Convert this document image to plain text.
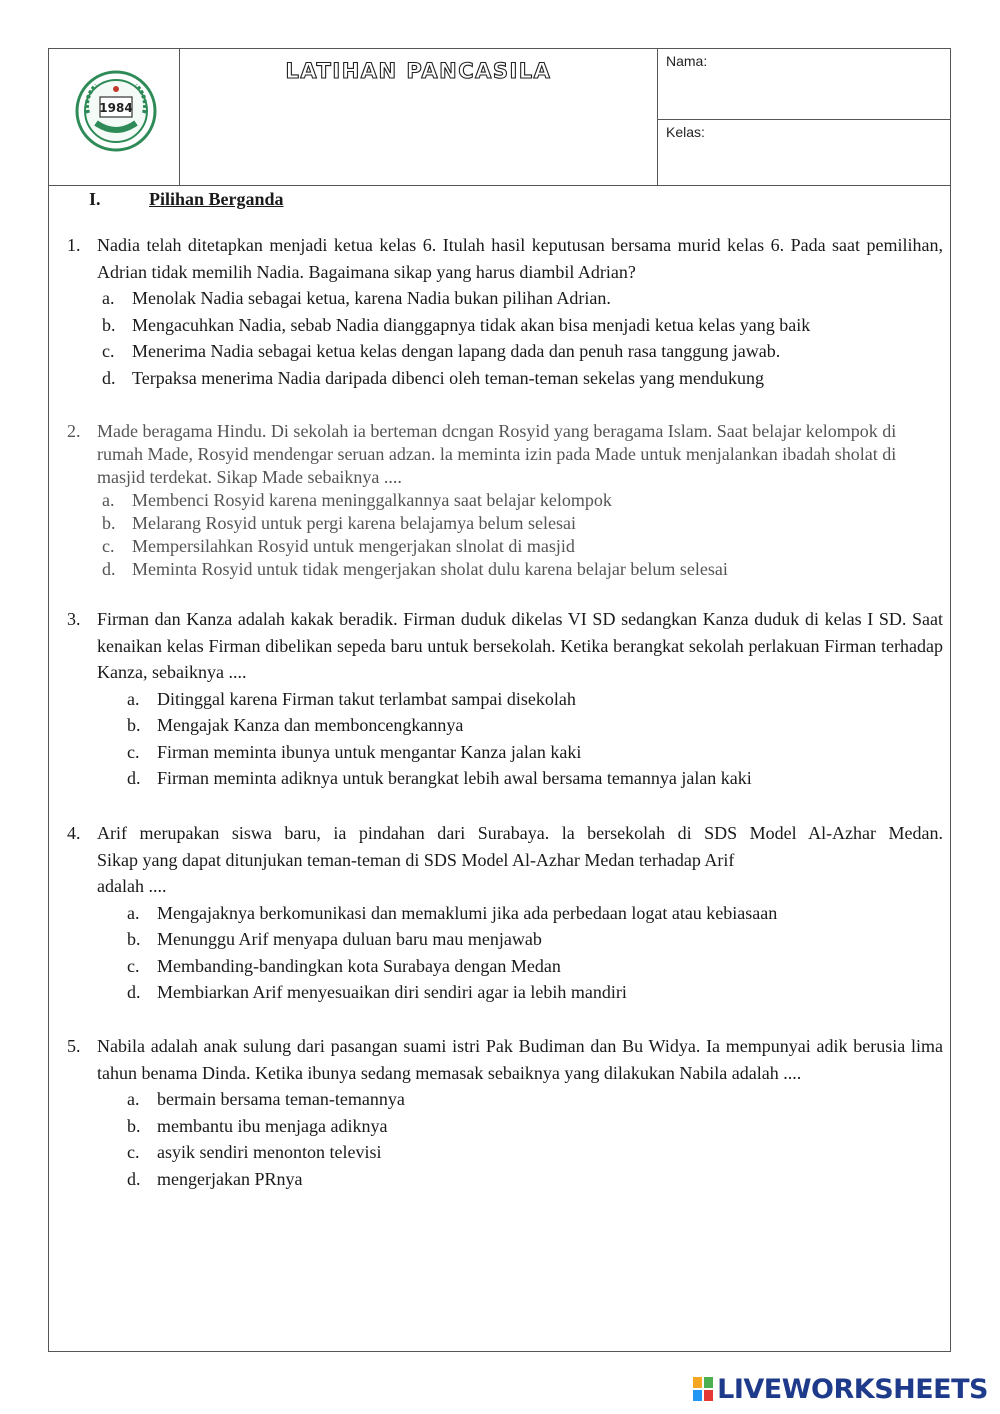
1984
LATIHAN PANCASILA	Nama:
Kelas:
I.	Pilihan Berganda
1. Nadia telah ditetapkan menjadi ketua kelas 6. Itulah hasil keputusan bersama murid kelas 6. Pada saat pemilihan, Adrian tidak memilih Nadia. Bagaimana sikap yang harus diambil Adrian?
a. Menolak Nadia sebagai ketua, karena Nadia bukan pilihan Adrian.
b. Mengacuhkan Nadia, sebab Nadia dianggapnya tidak akan bisa menjadi ketua kelas yang baik
c. Menerima Nadia sebagai ketua kelas dengan lapang dada dan penuh rasa tanggung jawab.
d. Terpaksa menerima Nadia daripada dibenci oleh teman-teman sekelas yang mendukung
2. Made beragama Hindu. Di sekolah ia berteman dcngan Rosyid yang beragama Islam. Saat belajar kelompok di rumah Made, Rosyid mendengar seruan adzan. la meminta izin pada Made untuk menjalankan ibadah sholat di masjid terdekat. Sikap Made sebaiknya ....
a. Membenci Rosyid karena meninggalkannya saat belajar kelompok
b. Melarang Rosyid untuk pergi karena belajamya belum selesai
c. Mempersilahkan Rosyid untuk mengerjakan slnolat di masjid
d. Meminta Rosyid untuk tidak mengerjakan sholat dulu karena belajar belum selesai
3. Firman dan Kanza adalah kakak beradik. Firman duduk dikelas VI SD sedangkan Kanza duduk di kelas I SD. Saat kenaikan kelas Firman dibelikan sepeda baru untuk bersekolah. Ketika berangkat sekolah perlakuan Firman terhadap Kanza, sebaiknya ....
a. Ditinggal karena Firman takut terlambat sampai disekolah
b. Mengajak Kanza dan memboncengkannya
c. Firman meminta ibunya untuk mengantar Kanza jalan kaki
d. Firman meminta adiknya untuk berangkat lebih awal bersama temannya jalan kaki
4. Arif merupakan siswa baru, ia pindahan dari Surabaya. la bersekolah di SDS Model Al-Azhar Medan.
Sikap yang dapat ditunjukan teman-teman di SDS Model Al-Azhar Medan terhadap Arif
adalah ....
a. Mengajaknya berkomunikasi dan memaklumi jika ada perbedaan logat atau kebiasaan
b. Menunggu Arif menyapa duluan baru mau menjawab
c. Membanding-bandingkan kota Surabaya dengan Medan
d. Membiarkan Arif menyesuaikan diri sendiri agar ia lebih mandiri
5. Nabila adalah anak sulung dari pasangan suami istri Pak Budiman dan Bu Widya. Ia mempunyai adik berusia lima tahun benama Dinda. Ketika ibunya sedang memasak sebaiknya yang dilakukan Nabila adalah ....
a. bermain bersama teman-temannya
b. membantu ibu menjaga adiknya
c. asyik sendiri menonton televisi
d. mengerjakan PRnya
LIVEWORKSHEETS
